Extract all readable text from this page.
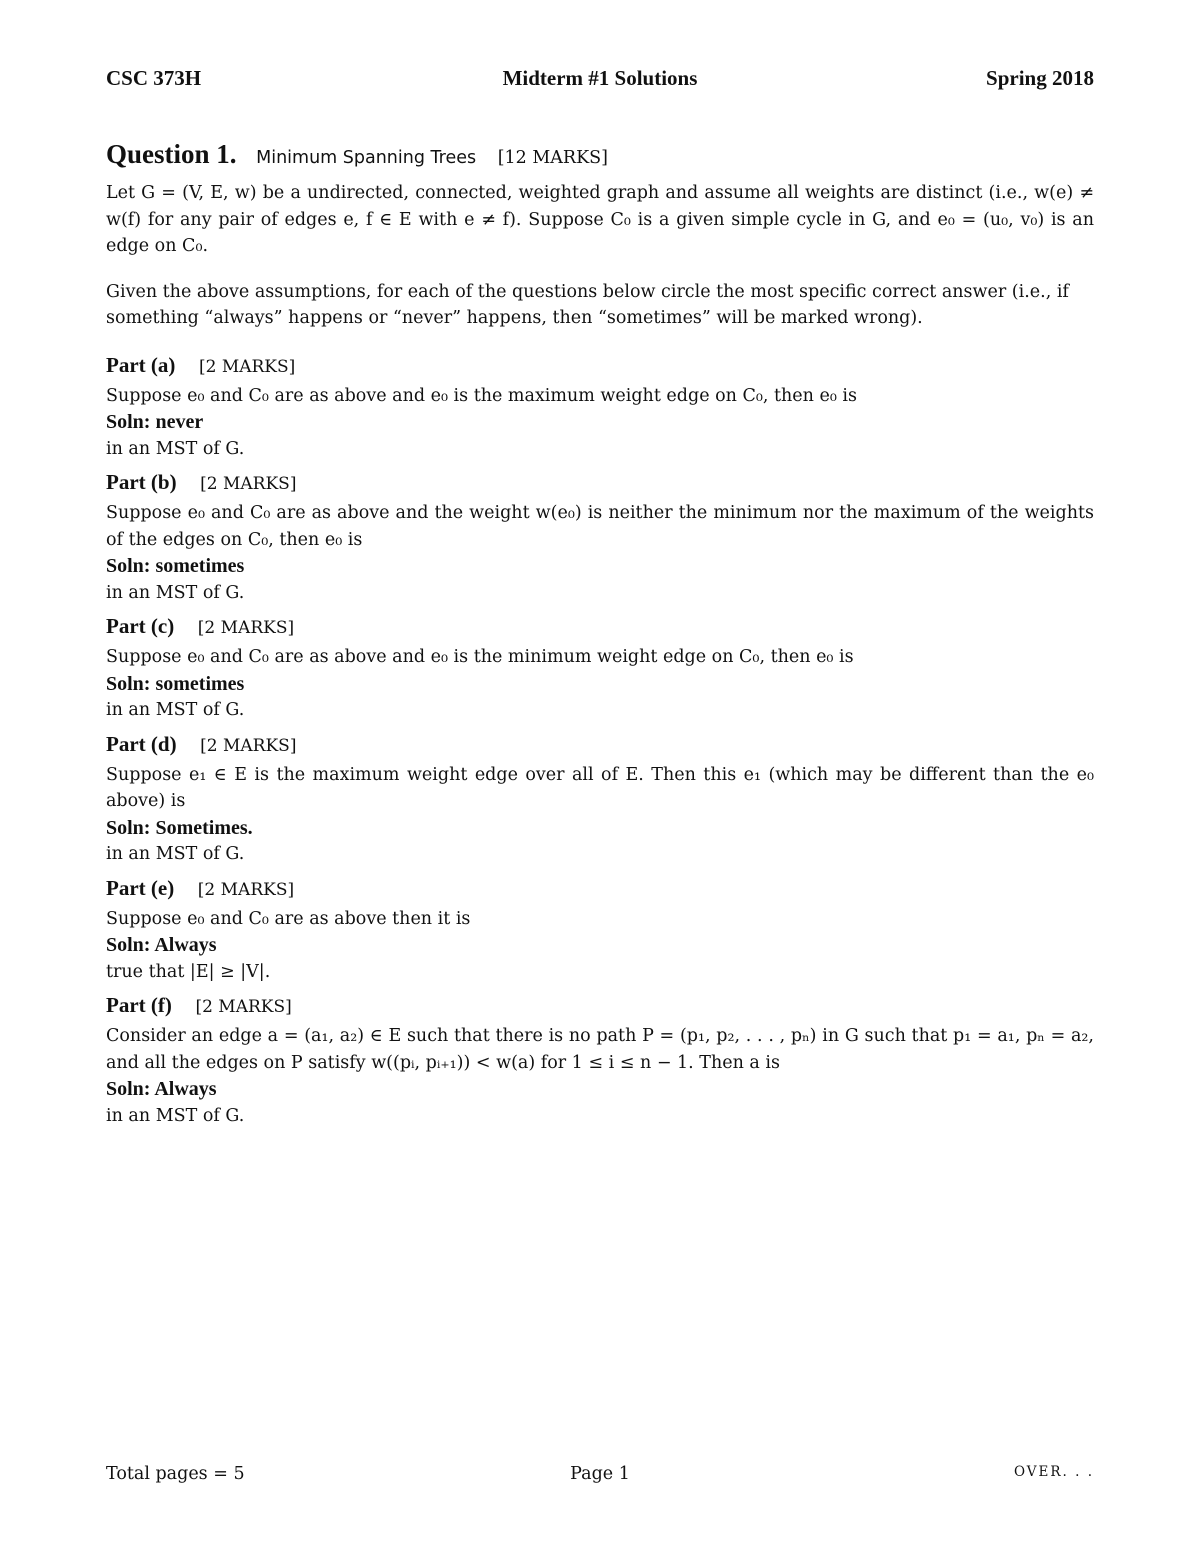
CSC 373H	Midterm #1 Solutions	Spring 2018
Question 1. Minimum Spanning Trees [12 MARKS]

Let G = (V, E, w) be a undirected, connected, weighted graph and assume all weights are distinct (i.e., w(e) ≠ w(f) for any pair of edges e, f ∈ E with e ≠ f). Suppose C₀ is a given simple cycle in G, and e₀ = (u₀, v₀) is an edge on C₀.

Given the above assumptions, for each of the questions below circle the most specific correct answer (i.e., if something “always” happens or “never” happens, then “sometimes” will be marked wrong).

Part (a) [2 MARKS]

Suppose e₀ and C₀ are as above and e₀ is the maximum weight edge on C₀, then e₀ is

Soln: never

in an MST of G.

Part (b) [2 MARKS]

Suppose e₀ and C₀ are as above and the weight w(e₀) is neither the minimum nor the maximum of the weights of the edges on C₀, then e₀ is

Soln: sometimes

in an MST of G.

Part (c) [2 MARKS]

Suppose e₀ and C₀ are as above and e₀ is the minimum weight edge on C₀, then e₀ is

Soln: sometimes

in an MST of G.

Part (d) [2 MARKS]

Suppose e₁ ∈ E is the maximum weight edge over all of E. Then this e₁ (which may be different than the e₀ above) is

Soln: Sometimes.

in an MST of G.

Part (e) [2 MARKS]

Suppose e₀ and C₀ are as above then it is

Soln: Always

true that |E| ≥ |V|.

Part (f) [2 MARKS]

Consider an edge a = (a₁, a₂) ∈ E such that there is no path P = (p₁, p₂, . . . , pₙ) in G such that p₁ = a₁, pₙ = a₂, and all the edges on P satisfy w((pᵢ, pᵢ₊₁)) < w(a) for 1 ≤ i ≤ n − 1. Then a is

Soln: Always

in an MST of G.

Total pages = 5	Page 1	OVER. . .
